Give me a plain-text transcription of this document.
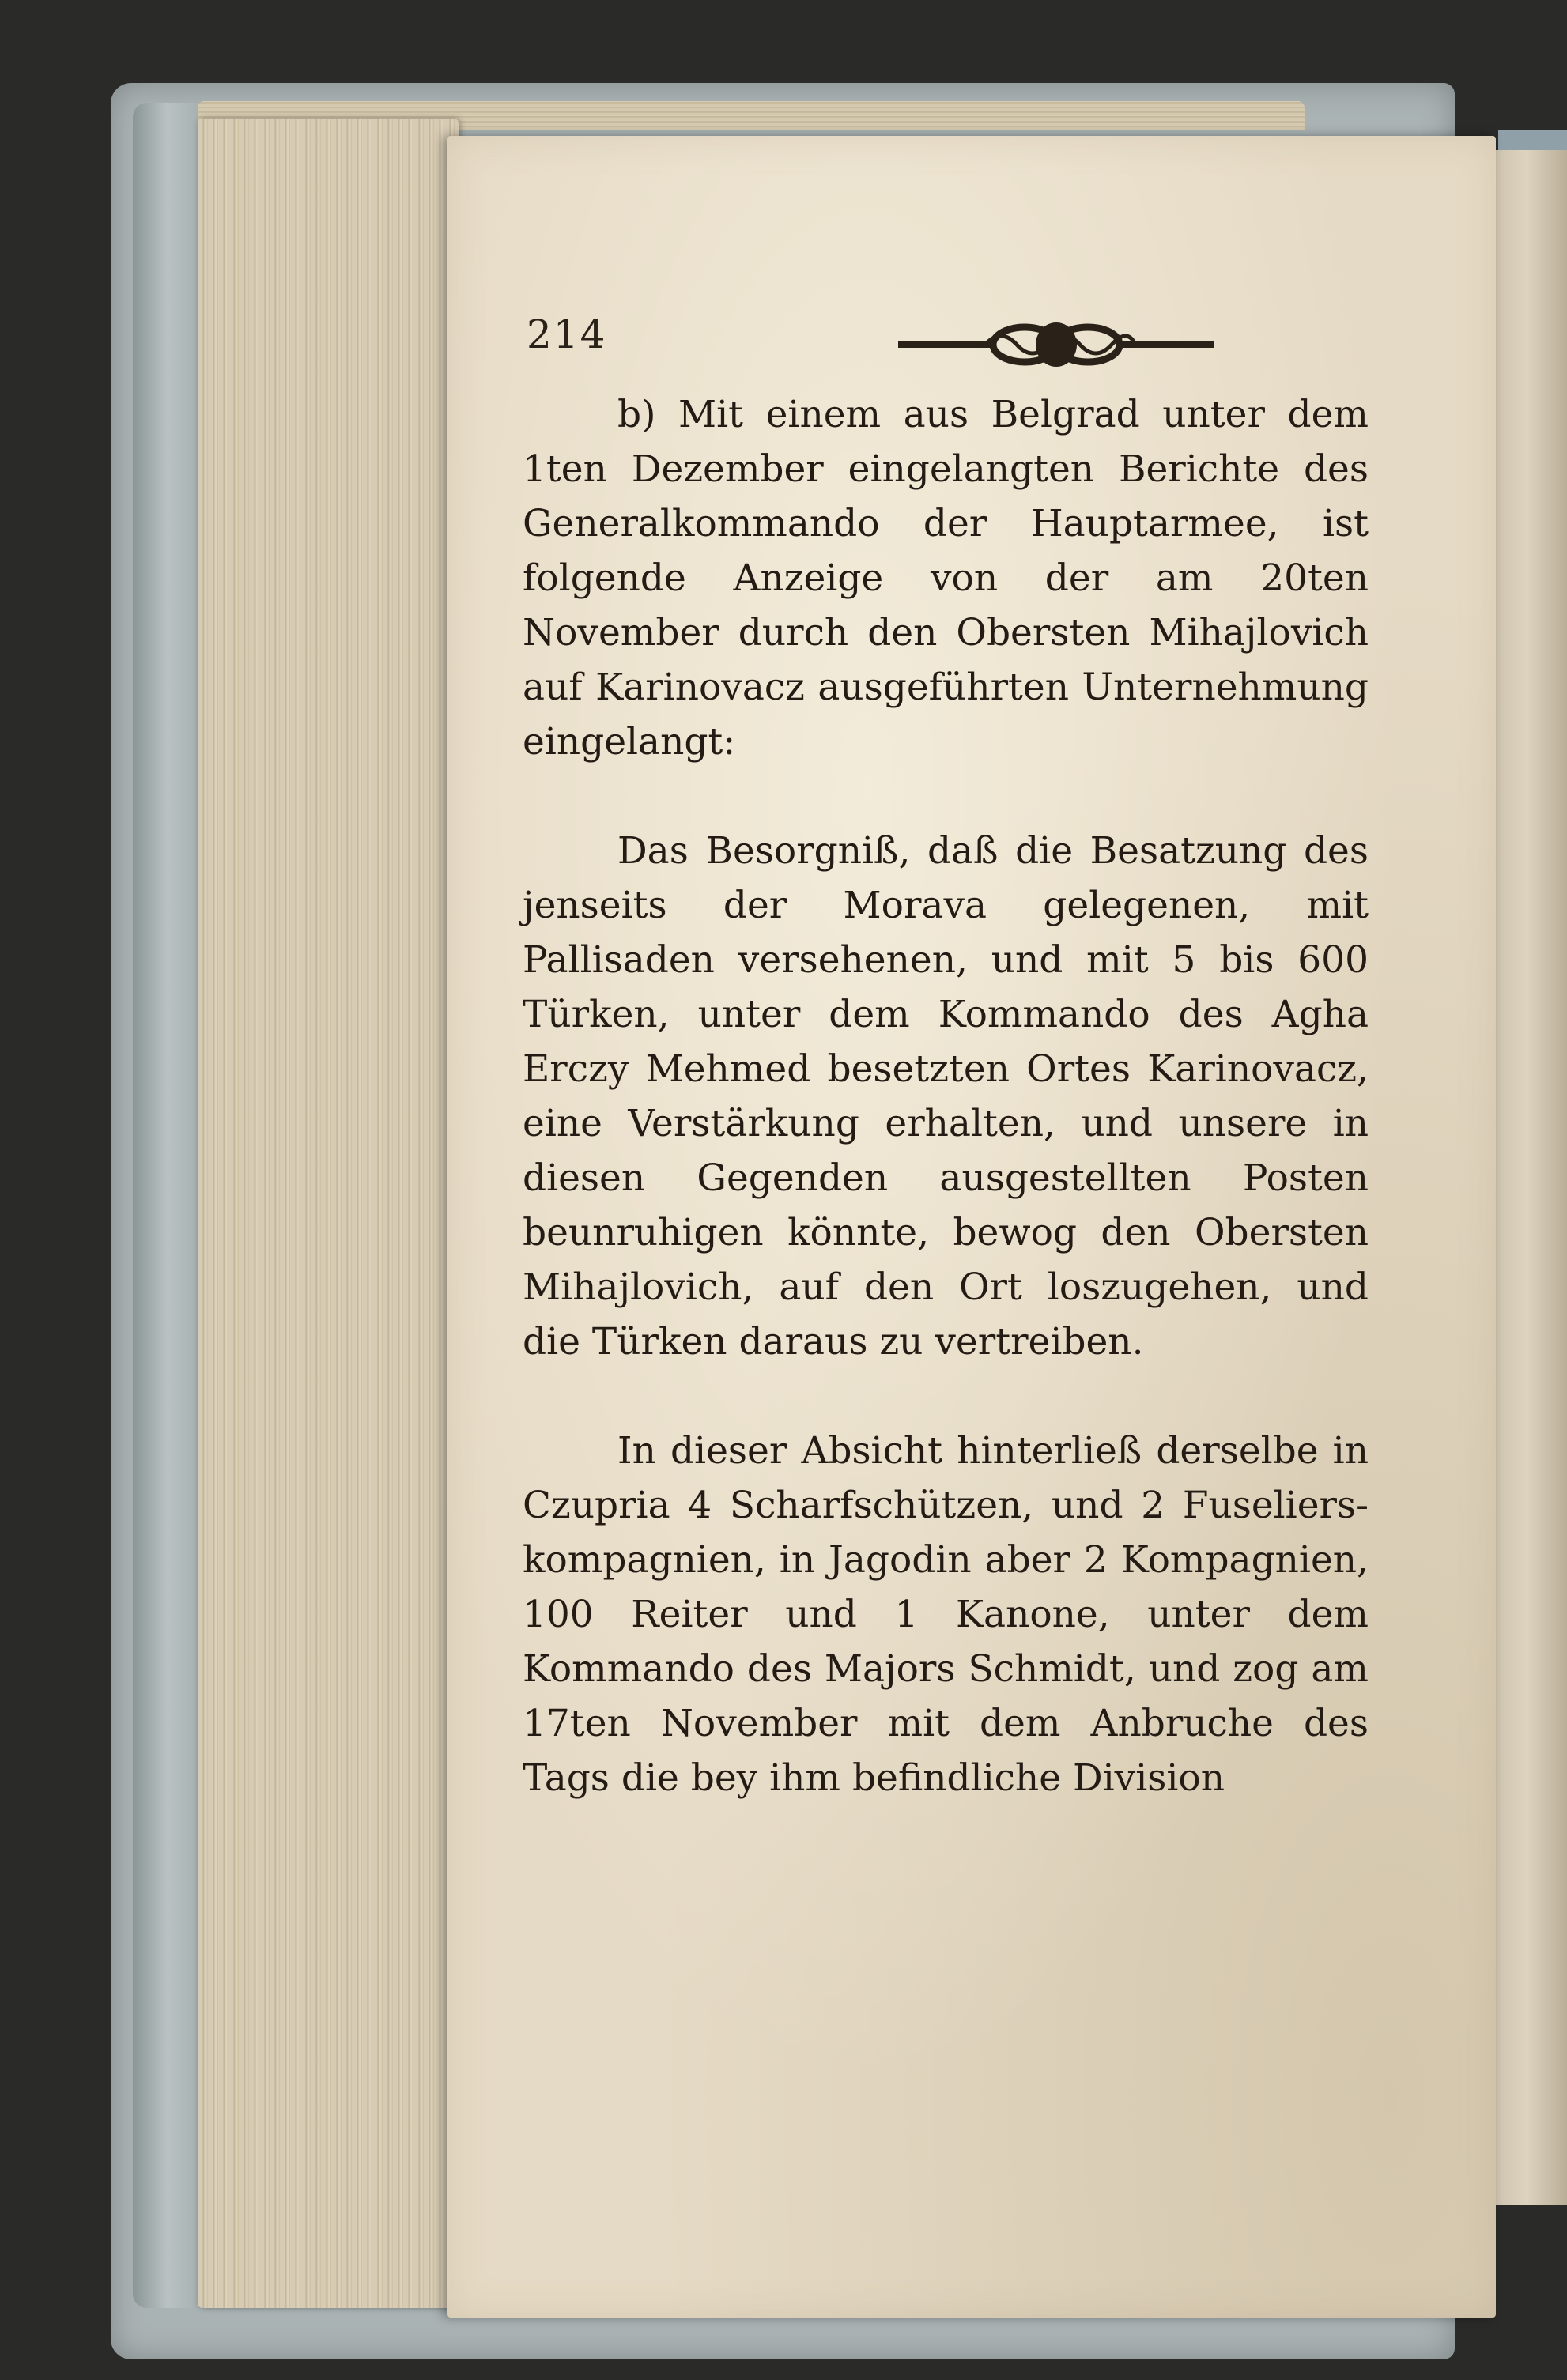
214

b) Mit einem aus Belgrad unter dem 1ten Dezember eingelangten Berichte des Generalkommando der Hauptarmee, ist folgende Anzeige von der am 20ten November durch den Obersten Mihajlovich auf Karinovacz ausgeführten Unternehmung eingelangt:

Das Besorgniß, daß die Besatzung des jenseits der Morava gelegenen, mit Pallisaden versehenen, und mit 5 bis 600 Türken, unter dem Kommando des Agha Erczy Mehmed besetzten Ortes Karinovacz, eine Verstärkung erhalten, und unsere in diesen Gegenden ausgestellten Posten beunruhigen könnte, bewog den Obersten Mihajlovich, auf den Ort loszugehen, und die Türken daraus zu vertreiben.

In dieser Absicht hinterließ derselbe in Czupria 4 Scharfschützen, und 2 Fuseliers-kompagnien, in Jagodin aber 2 Kompagnien, 100 Reiter und 1 Kanone, unter dem Kommando des Majors Schmidt, und zog am 17ten November mit dem Anbruche des Tags die bey ihm befindliche Division
